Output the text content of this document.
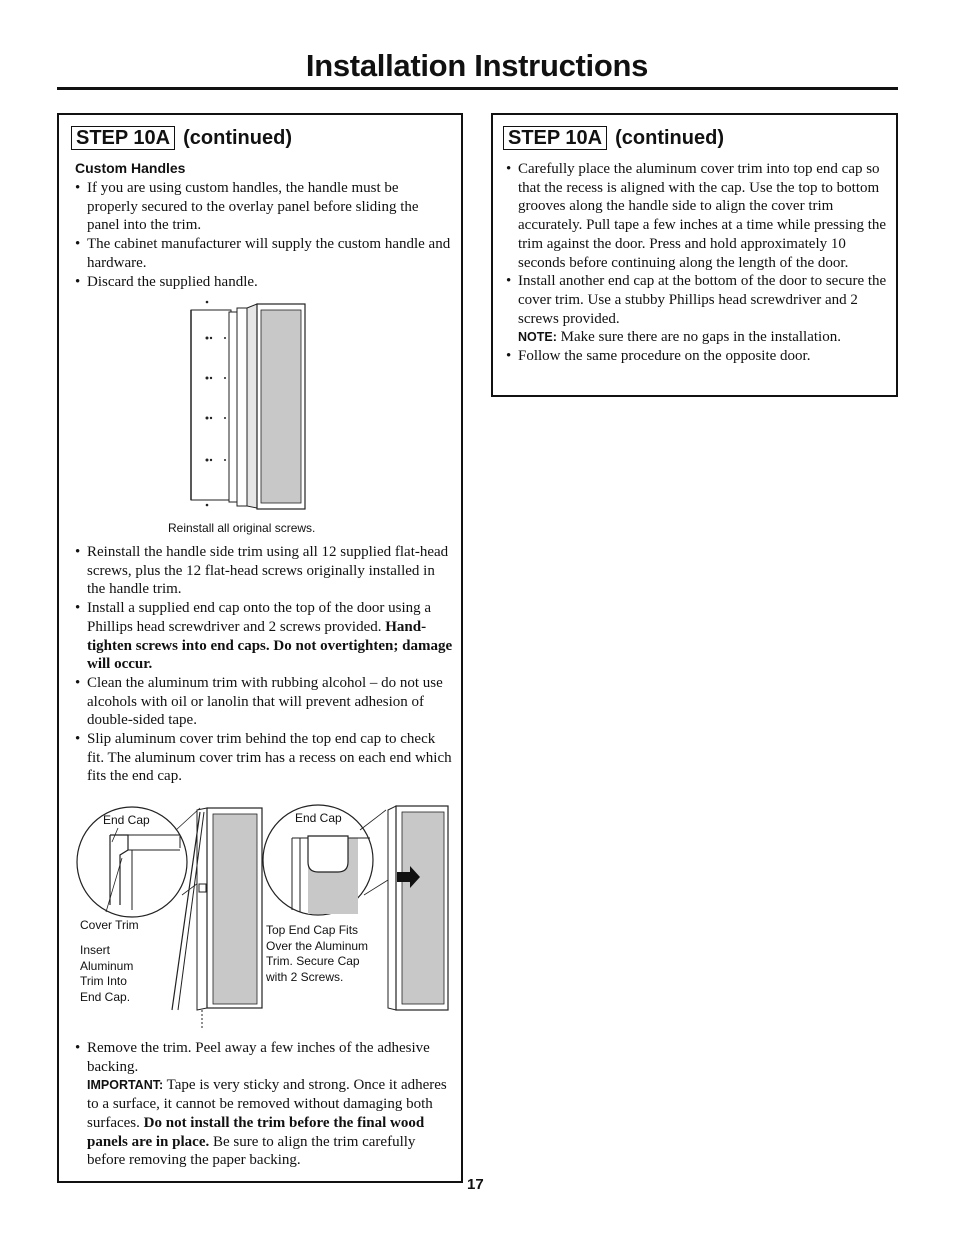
Installation Instructions
STEP 10A (continued)
Custom Handles
• If you are using custom handles, the handle must be properly secured to the overlay panel before sliding the panel into the trim.
• The cabinet manufacturer will supply the custom handle and hardware.
• Discard the supplied handle.
Reinstall all original screws.
• Reinstall the handle side trim using all 12 supplied flat-head screws, plus the 12 flat-head screws originally installed in the handle trim.
• Install a supplied end cap onto the top of the door using a Phillips head screwdriver and 2 screws provided. Hand-tighten screws into end caps. Do not overtighten; damage will occur.
• Clean the aluminum trim with rubbing alcohol – do not use alcohols with oil or lanolin that will prevent adhesion of double-sided tape.
• Slip aluminum cover trim behind the top end cap to check fit. The aluminum cover trim has a recess on each end which fits the end cap.
End Cap
Cover Trim
Insert Aluminum Trim Into End Cap.
End Cap
Top End Cap Fits Over the Aluminum Trim. Secure Cap with 2 Screws.
• Remove the trim. Peel away a few inches of the adhesive backing.
IMPORTANT: Tape is very sticky and strong. Once it adheres to a surface, it cannot be removed without damaging both surfaces. Do not install the trim before the final wood panels are in place. Be sure to align the trim carefully before removing the paper backing.
STEP 10A (continued)
• Carefully place the aluminum cover trim into top end cap so that the recess is aligned with the cap. Use the top to bottom grooves along the handle side to align the cover trim accurately. Pull tape a few inches at a time while pressing the trim against the door. Press and hold approximately 10 seconds before continuing along the length of the door.
• Install another end cap at the bottom of the door to secure the cover trim. Use a stubby Phillips head screwdriver and 2 screws provided.
NOTE: Make sure there are no gaps in the installation.
• Follow the same procedure on the opposite door.
17
